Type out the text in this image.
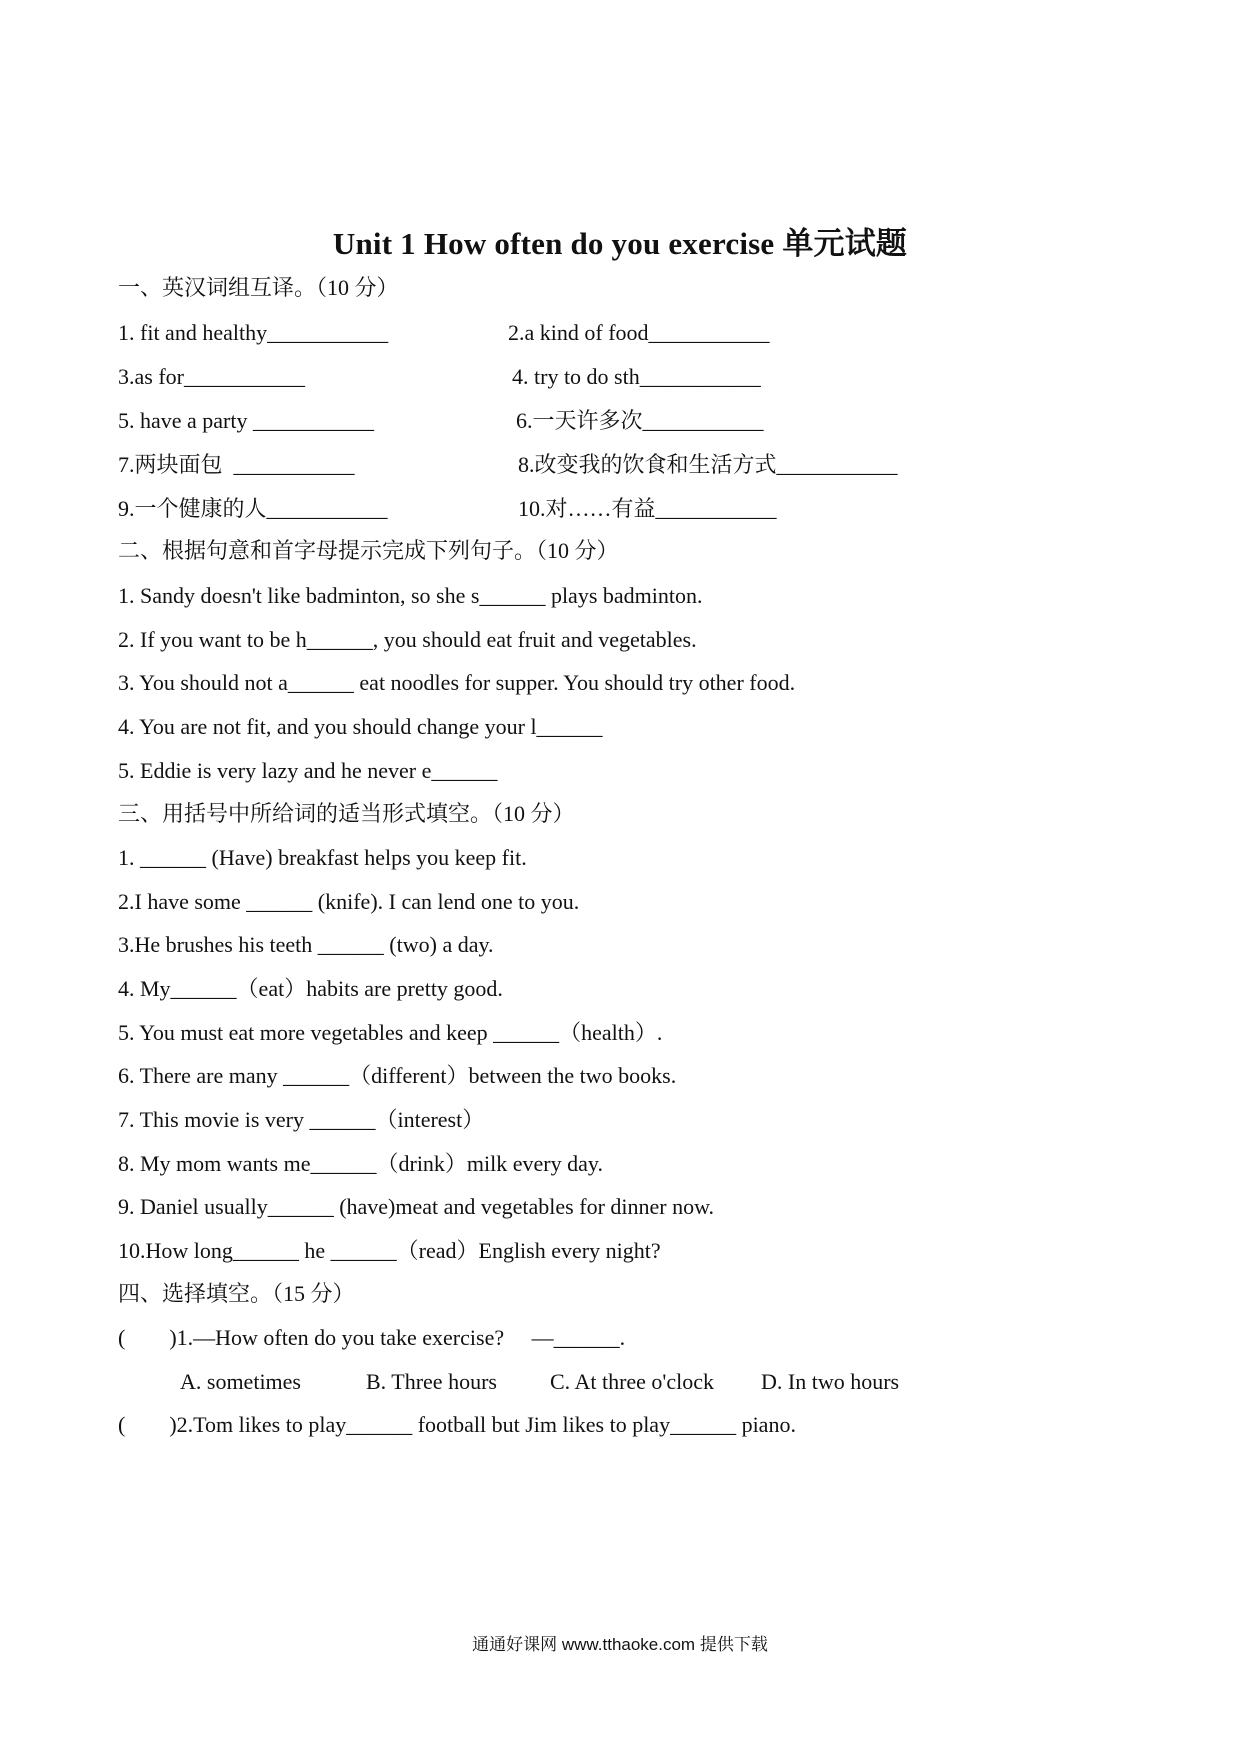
Unit 1 How often do you exercise 单元试题
一、英汉词组互译。（10 分）
1. fit and healthy___________	2.a kind of food___________
3.as for___________	4. try to do sth___________
5. have a party ___________	6.一天许多次___________
7.两块面包  ___________	8.改变我的饮食和生活方式___________
9.一个健康的人___________	10.对……有益___________
二、根据句意和首字母提示完成下列句子。（10 分）
1. Sandy doesn't like badminton, so she s______ plays badminton.
2. If you want to be h______, you should eat fruit and vegetables.
3. You should not a______ eat noodles for supper. You should try other food.
4. You are not fit, and you should change your l______
5. Eddie is very lazy and he never e______
三、用括号中所给词的适当形式填空。（10 分）
1. ______ (Have) breakfast helps you keep fit.
2.I have some ______ (knife). I can lend one to you.
3.He brushes his teeth ______ (two) a day.
4. My______（eat）habits are pretty good.
5. You must eat more vegetables and keep ______（health）.
6. There are many ______（different）between the two books.
7. This movie is very ______（interest）
8. My mom wants me______（drink）milk every day.
9. Daniel usually______ (have)meat and vegetables for dinner now.
10.How long______ he ______（read）English every night?
四、选择填空。（15 分）
(        )1.—How often do you take exercise?     —______.
A. sometimes	B. Three hours C. At three o'clock D. In two hours
(        )2.Tom likes to play______ football but Jim likes to play______ piano.
通通好课网 www.tthaoke.com 提供下载
